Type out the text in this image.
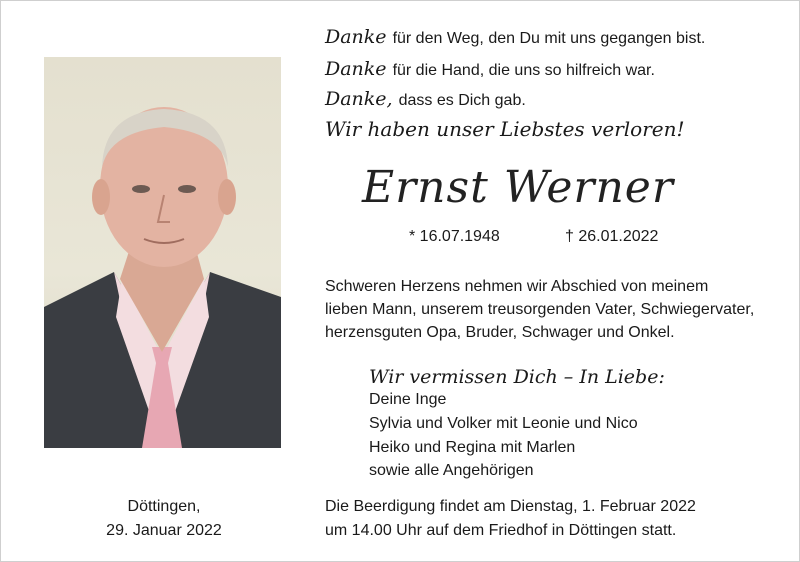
Danke für den Weg, den Du mit uns gegangen bist.
Danke für die Hand, die uns so hilfreich war.
Danke, dass es Dich gab.
Wir haben unser Liebstes verloren!
Ernst Werner
* 16.07.1948	† 26.01.2022
Schweren Herzens nehmen wir Abschied von meinem
lieben Mann, unserem treusorgenden Vater, Schwiegervater,
herzensguten Opa, Bruder, Schwager und Onkel.
Wir vermissen Dich – In Liebe:
Deine Inge
Sylvia und Volker mit Leonie und Nico
Heiko und Regina mit Marlen
sowie alle Angehörigen
Döttingen,
29. Januar 2022
Die Beerdigung findet am Dienstag, 1. Februar 2022
um 14.00 Uhr auf dem Friedhof in Döttingen statt.
